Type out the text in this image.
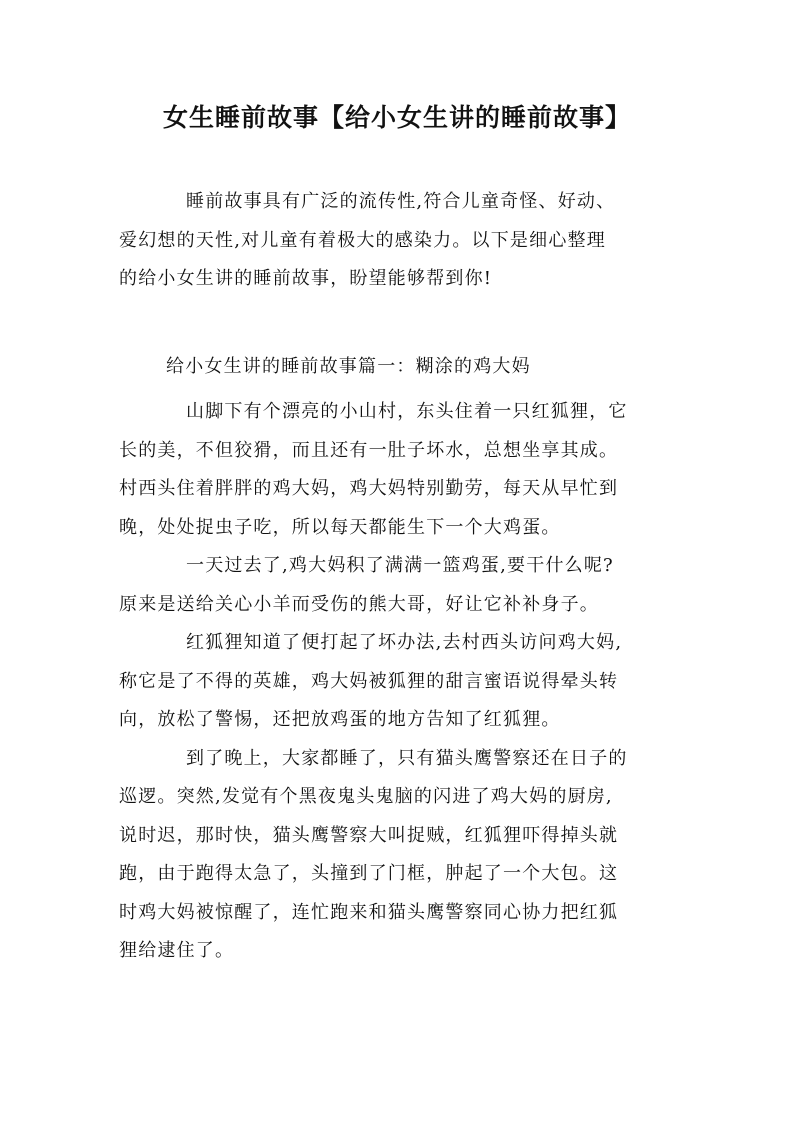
女生睡前故事【给小女生讲的睡前故事】
睡前故事具有广泛的流传性,符合儿童奇怪、好动、
爱幻想的天性,对儿童有着极大的感染力。以下是细心整理
的给小女生讲的睡前故事，盼望能够帮到你!
给小女生讲的睡前故事篇一：糊涂的鸡大妈
山脚下有个漂亮的小山村，东头住着一只红狐狸，它
长的美，不但狡猾，而且还有一肚子坏水，总想坐享其成。
村西头住着胖胖的鸡大妈，鸡大妈特别勤劳，每天从早忙到
晚，处处捉虫子吃，所以每天都能生下一个大鸡蛋。
一天过去了,鸡大妈积了满满一篮鸡蛋,要干什么呢?
原来是送给关心小羊而受伤的熊大哥，好让它补补身子。
红狐狸知道了便打起了坏办法,去村西头访问鸡大妈,
称它是了不得的英雄，鸡大妈被狐狸的甜言蜜语说得晕头转
向，放松了警惕，还把放鸡蛋的地方告知了红狐狸。
到了晚上，大家都睡了，只有猫头鹰警察还在日子的
巡逻。突然,发觉有个黑夜鬼头鬼脑的闪进了鸡大妈的厨房,
说时迟，那时快，猫头鹰警察大叫捉贼，红狐狸吓得掉头就
跑，由于跑得太急了，头撞到了门框，肿起了一个大包。这
时鸡大妈被惊醒了，连忙跑来和猫头鹰警察同心协力把红狐
狸给逮住了。
